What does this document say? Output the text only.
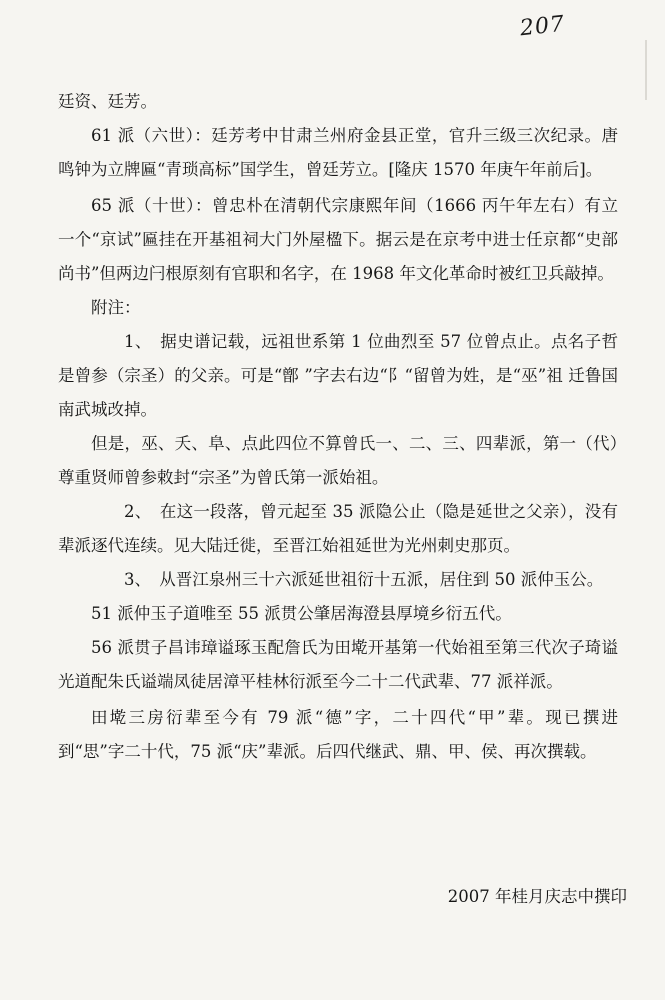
207

廷资、廷芳。

61 派（六世）：廷芳考中甘肃兰州府金县正堂，官升三级三次纪录。唐鸣钟为立牌匾“青琐高标”国学生，曾廷芳立。[隆庆 1570 年庚午年前后]。

65 派（十世）：曾忠朴在清朝代宗康熙年间（1666 丙午年左右）有立一个“京试”匾挂在开基祖祠大门外屋楹下。据云是在京考中进士任京都“史部尚书”但两边闩根原刻有官职和名字，在 1968 年文化革命时被红卫兵敲掉。

附注：

1、　据史谱记载，远祖世系第 1 位曲烈至 57 位曾点止。点名子哲是曾参（宗圣）的父亲。可是“鄫 ”字去右边“阝“留曾为姓，是“巫”祖 迁鲁国南武城改掉。

但是，巫、夭、阜、点此四位不算曾氏一、二、三、四辈派，第一（代）尊重贤师曾参敕封“宗圣”为曾氏第一派始祖。

2、　在这一段落，曾元起至 35 派隐公止（隐是延世之父亲），没有辈派逐代连续。见大陆迁徙，至晋江始祖延世为光州刺史那页。

3、　从晋江泉州三十六派延世祖衍十五派，居住到 50 派仲玉公。

51 派仲玉子道唯至 55 派贯公肇居海澄县厚境乡衍五代。

56 派贯子昌讳璋谥琢玉配詹氏为田墘开基第一代始祖至第三代次子琦谥光道配朱氏谥端凤徒居漳平桂林衍派至今二十二代武辈、77 派祥派。

田墘三房衍辈至今有 79 派“德”字，二十四代“甲”辈。现已撰进到“思”字二十代，75 派“庆”辈派。后四代继武、鼎、甲、侯、再次撰载。

2007 年桂月庆志中撰印
